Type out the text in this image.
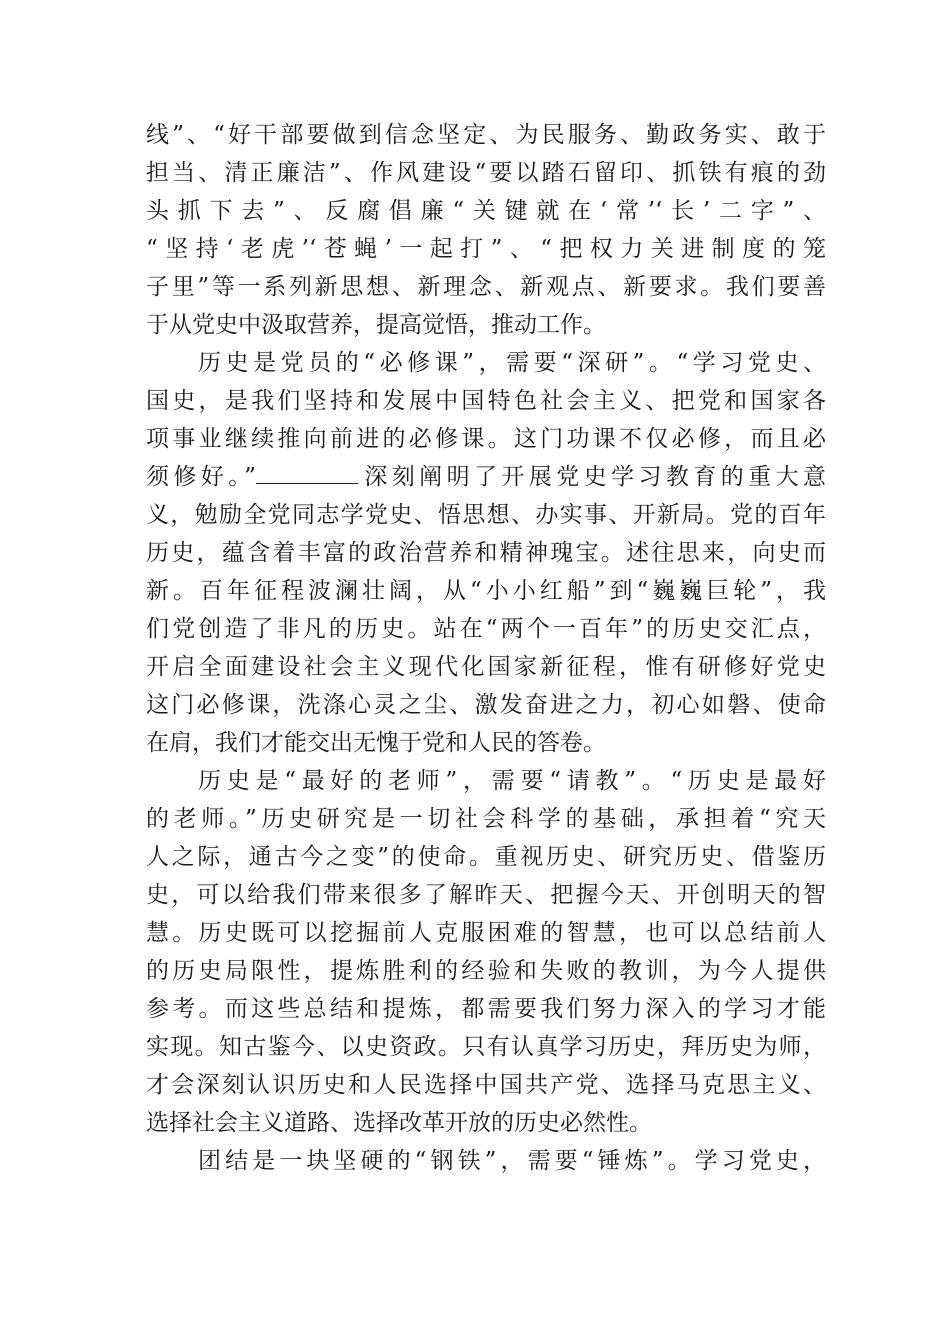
线”、“好干部要做到信念坚定、为民服务、勤政务实、敢于
担当、清正廉洁”、作风建设“要以踏石留印、抓铁有痕的劲
头抓下去”、反腐倡廉“关键就在‘常’‘长’二字”、
“坚持‘老虎’‘苍蝇’一起打”、“把权力关进制度的笼
子里”等一系列新思想、新理念、新观点、新要求。我们要善
于从党史中汲取营养，提高觉悟，推动工作。
历史是党员的“必修课”，需要“深研”。“学习党史、
国史，是我们坚持和发展中国特色社会主义、把党和国家各
项事业继续推向前进的必修课。这门功课不仅必修，而且必
须修好。”	深刻阐明了开展党史学习教育的重大意
义，勉励全党同志学党史、悟思想、办实事、开新局。党的百年
历史，蕴含着丰富的政治营养和精神瑰宝。述往思来，向史而
新。百年征程波澜壮阔，从“小小红船”到“巍巍巨轮”，我
们党创造了非凡的历史。站在“两个一百年”的历史交汇点，
开启全面建设社会主义现代化国家新征程，惟有研修好党史
这门必修课，洗涤心灵之尘、激发奋进之力，初心如磐、使命
在肩，我们才能交出无愧于党和人民的答卷。
历史是“最好的老师”，需要“请教”。“历史是最好
的老师。”历史研究是一切社会科学的基础，承担着“究天
人之际，通古今之变”的使命。重视历史、研究历史、借鉴历
史，可以给我们带来很多了解昨天、把握今天、开创明天的智
慧。历史既可以挖掘前人克服困难的智慧，也可以总结前人
的历史局限性，提炼胜利的经验和失败的教训，为今人提供
参考。而这些总结和提炼，都需要我们努力深入的学习才能
实现。知古鉴今、以史资政。只有认真学习历史，拜历史为师，
才会深刻认识历史和人民选择中国共产党、选择马克思主义、
选择社会主义道路、选择改革开放的历史必然性。
团结是一块坚硬的“钢铁”，需要“锤炼”。学习党史，
